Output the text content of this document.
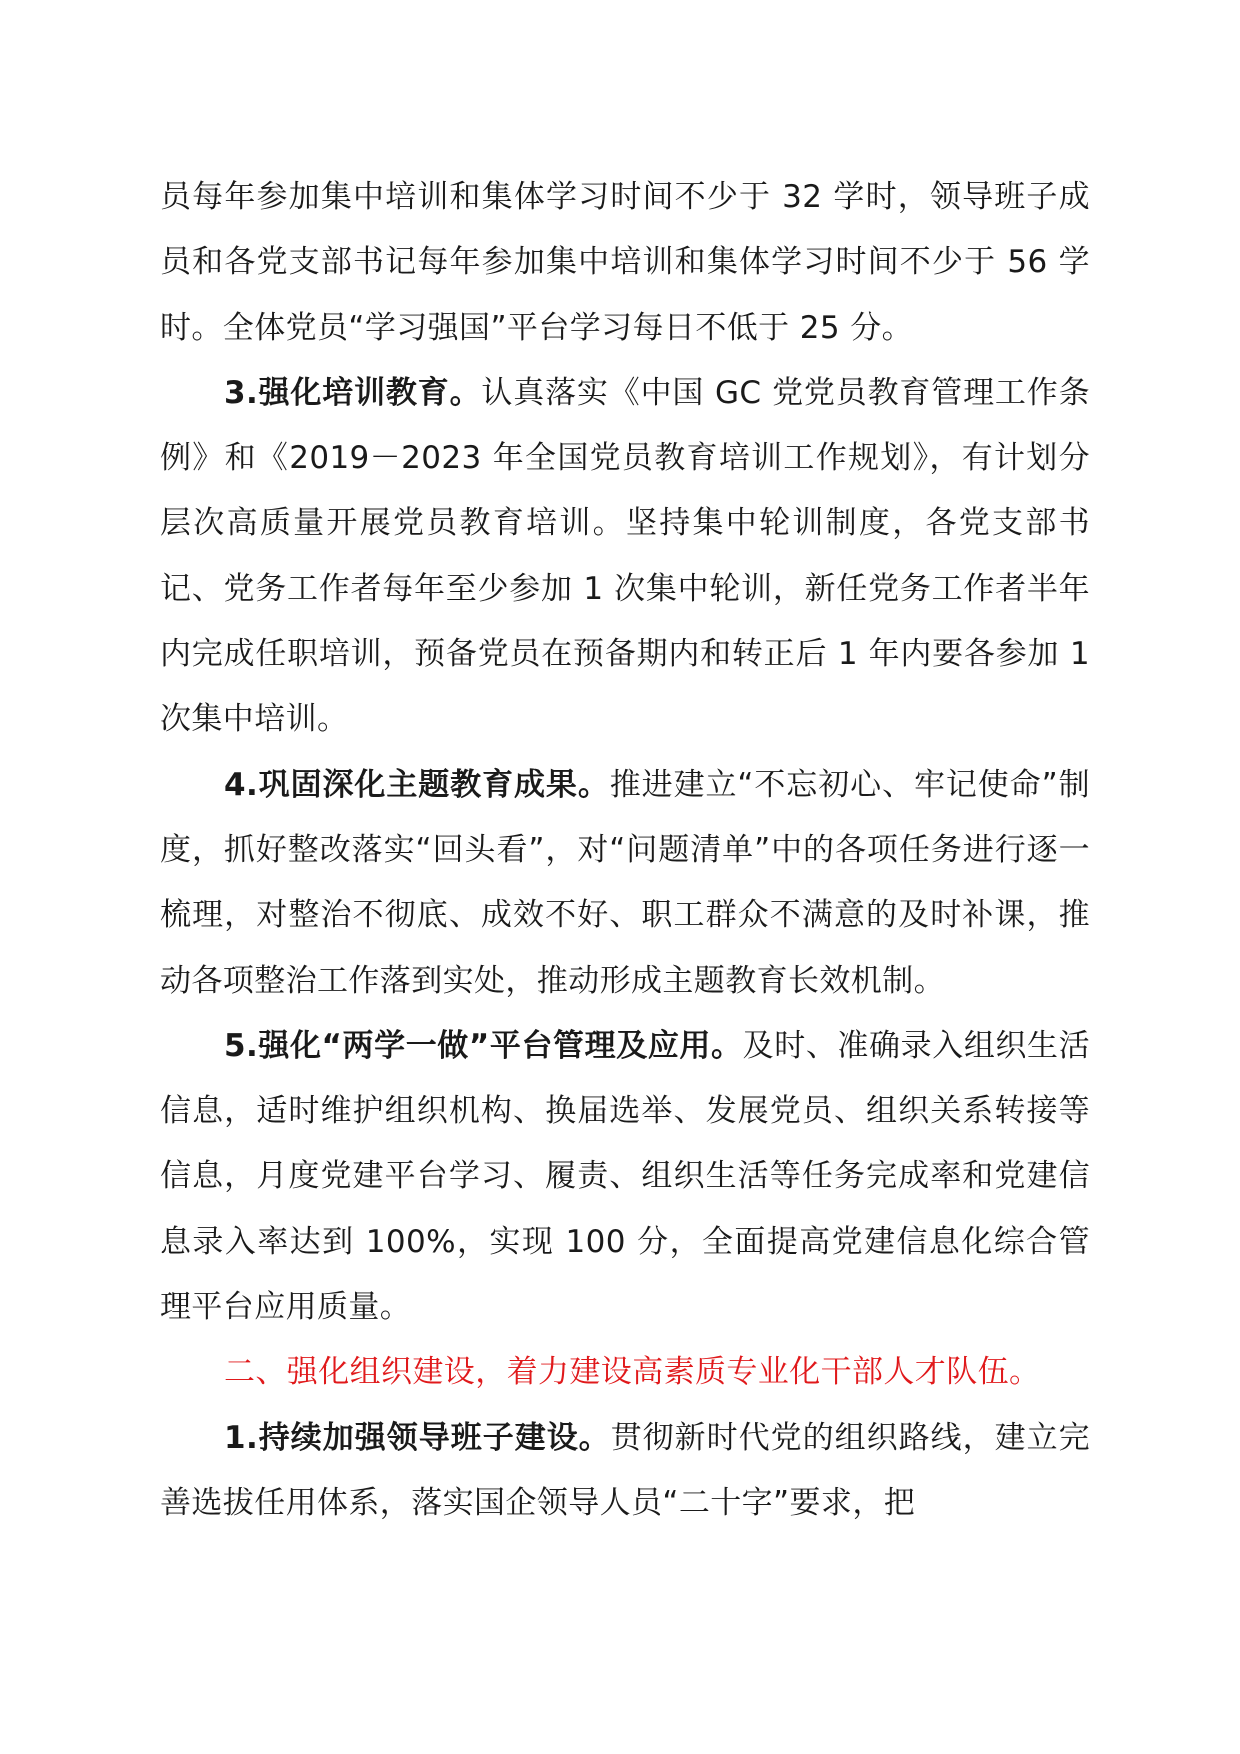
员每年参加集中培训和集体学习时间不少于 32 学时，领导班子成员和各党支部书记每年参加集中培训和集体学习时间不少于 56 学时。全体党员“学习强国”平台学习每日不低于 25 分。

3.强化培训教育。认真落实《中国 GC 党党员教育管理工作条例》和《2019－2023 年全国党员教育培训工作规划》，有计划分层次高质量开展党员教育培训。坚持集中轮训制度，各党支部书记、党务工作者每年至少参加 1 次集中轮训，新任党务工作者半年内完成任职培训，预备党员在预备期内和转正后 1 年内要各参加 1 次集中培训。

4.巩固深化主题教育成果。推进建立“不忘初心、牢记使命”制度，抓好整改落实“回头看”，对“问题清单”中的各项任务进行逐一梳理，对整治不彻底、成效不好、职工群众不满意的及时补课，推动各项整治工作落到实处，推动形成主题教育长效机制。

5.强化“两学一做”平台管理及应用。及时、准确录入组织生活信息，适时维护组织机构、换届选举、发展党员、组织关系转接等信息，月度党建平台学习、履责、组织生活等任务完成率和党建信息录入率达到 100%，实现 100 分，全面提高党建信息化综合管理平台应用质量。

二、强化组织建设，着力建设高素质专业化干部人才队伍。

1.持续加强领导班子建设。贯彻新时代党的组织路线，建立完善选拔任用体系，落实国企领导人员“二十字”要求，把
